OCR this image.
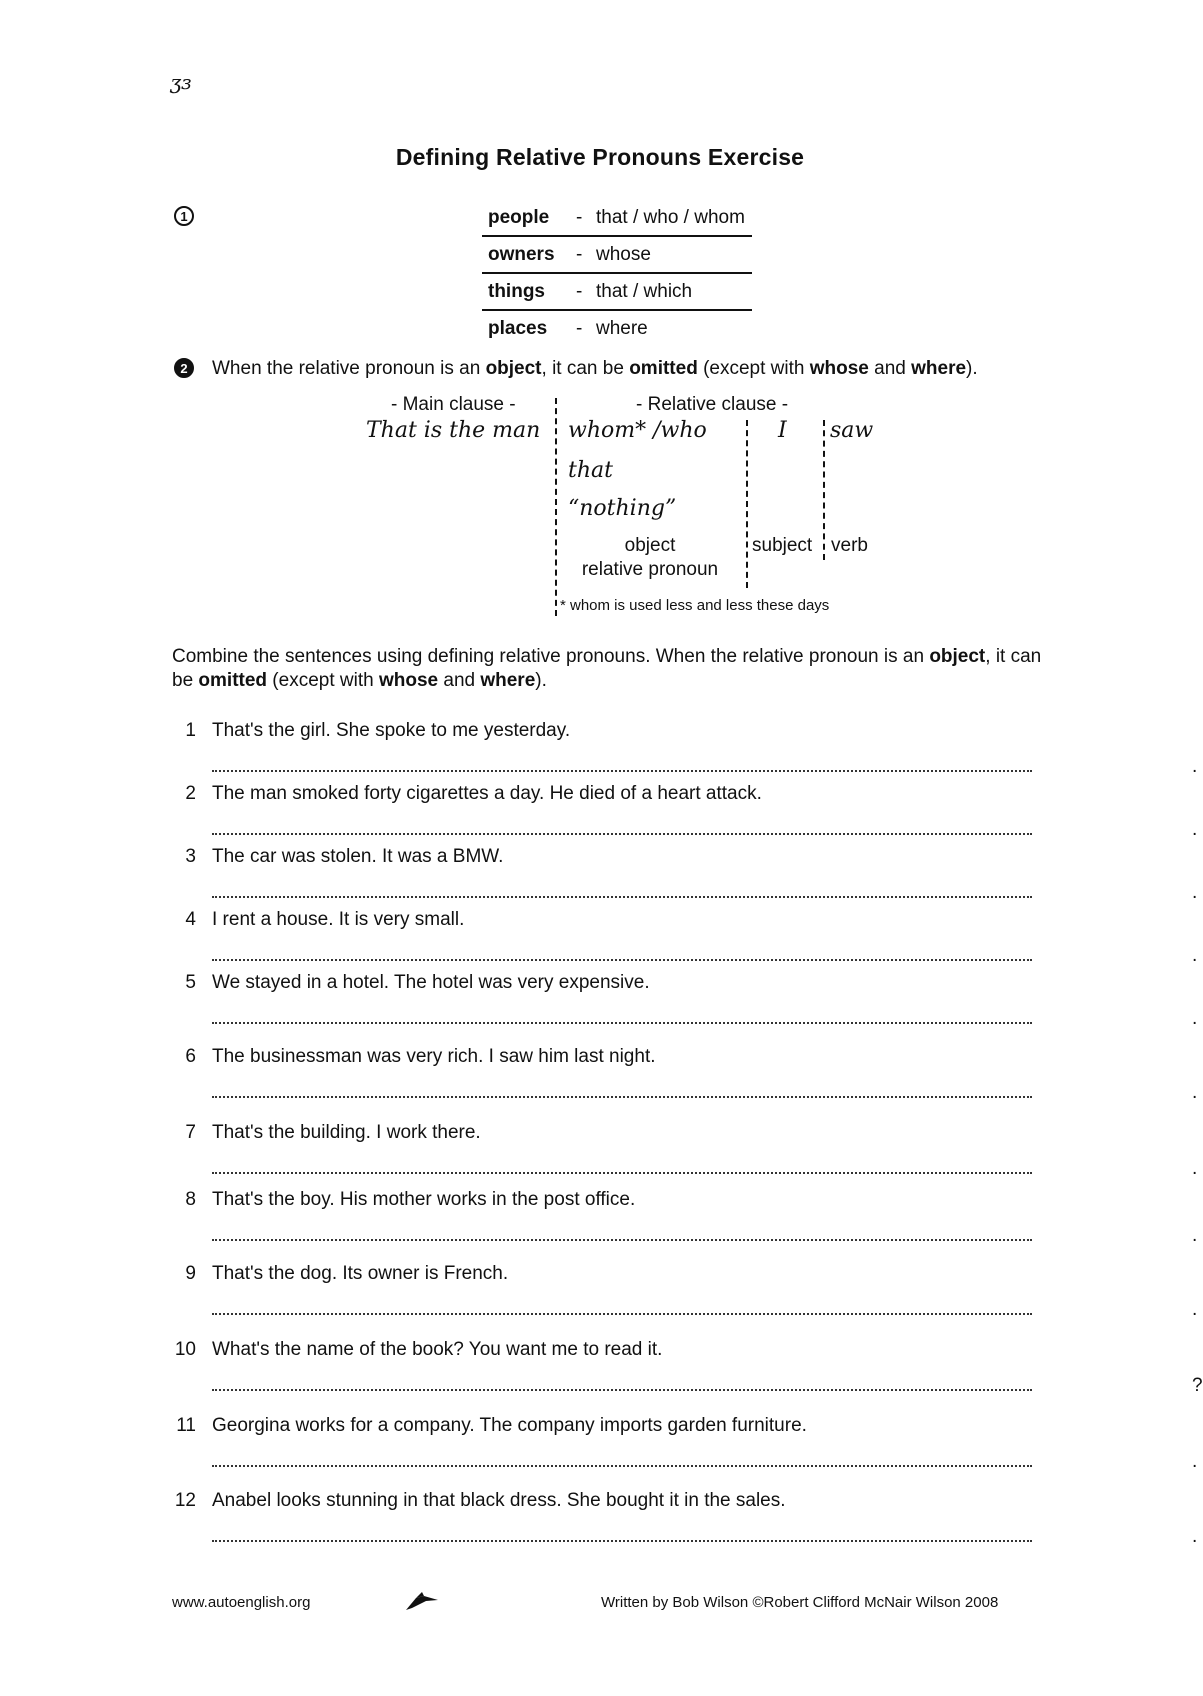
ʒɜ
Defining Relative Pronouns Exercise
1	people	-	that / who / whom
owners	-	whose
things	-	that / which
places	-	where
2	When the relative pronoun is an object, it can be omitted (except with whose and where).
- Main clause -	- Relative clause -
That is the man whom* /who
that
“nothing”
I saw
object
relative pronoun
subject verb
* whom is used less and less these days
Combine the sentences using defining relative pronouns. When the relative pronoun is an object, it can be omitted (except with whose and where).
1 That's the girl. She spoke to me yesterday.
.
2 The man smoked forty cigarettes a day. He died of a heart attack.
.
3 The car was stolen. It was a BMW.
.
4 I rent a house. It is very small.
.
5 We stayed in a hotel. The hotel was very expensive.
.
6 The businessman was very rich. I saw him last night.
.
7 That's the building. I work there.
.
8 That's the boy. His mother works in the post office.
.
9 That's the dog. Its owner is French.
.
10 What's the name of the book? You want me to read it.
?
11 Georgina works for a company. The company imports garden furniture.
.
12 Anabel looks stunning in that black dress. She bought it in the sales.
.
www.autoenglish.org	Written by Bob Wilson ©Robert Clifford McNair Wilson 2008
